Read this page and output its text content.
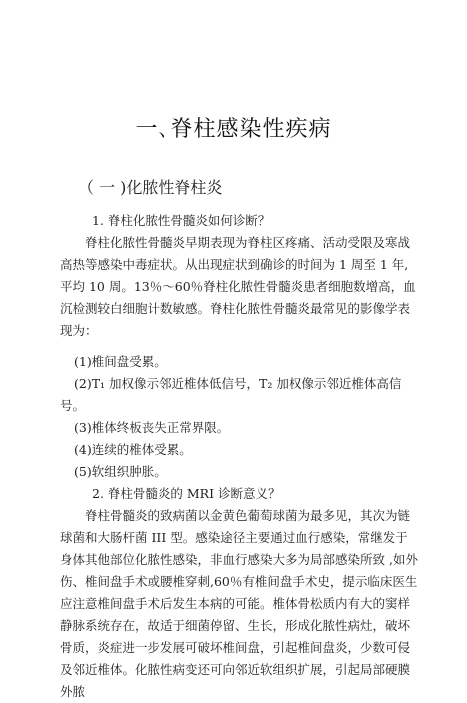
一､脊柱感染性疾病
（ 一 )化脓性脊柱炎
1. 脊柱化脓性骨髓炎如何诊断？
脊柱化脓性骨髓炎早期表现为脊柱区疼痛、活动受限及寒战高热等感染中毒症状。从出现症状到确诊的时间为 1 周至 1 年,平均 10 周。13％～60％脊柱化脓性骨髓炎患者细胞数增高，血沉检测较白细胞计数敏感。脊柱化脓性骨髓炎最常见的影像学表现为：
(1)椎间盘受累。
(2)T₁ 加权像示邻近椎体低信号，T₂ 加权像示邻近椎体高信号。
(3)椎体终板丧失正常界限。
(4)连续的椎体受累。
(5)软组织肿胀。
2. 脊柱骨髓炎的 MRI 诊断意义？
脊柱骨髓炎的致病菌以金黄色葡萄球菌为最多见，其次为链球菌和大肠杆菌 III 型。感染途径主要通过血行感染，常继发于身体其他部位化脓性感染，非血行感染大多为局部感染所致 ,如外伤、椎间盘手术或腰椎穿刺,60％有椎间盘手术史，提示临床医生应注意椎间盘手术后发生本病的可能。椎体骨松质内有大的窦样静脉系统存在，故适于细菌停留、生长，形成化脓性病灶，破坏骨质，炎症进一步发展可破坏椎间盘，引起椎间盘炎，少数可侵及邻近椎体。化脓性病变还可向邻近软组织扩展，引起局部硬膜外脓
